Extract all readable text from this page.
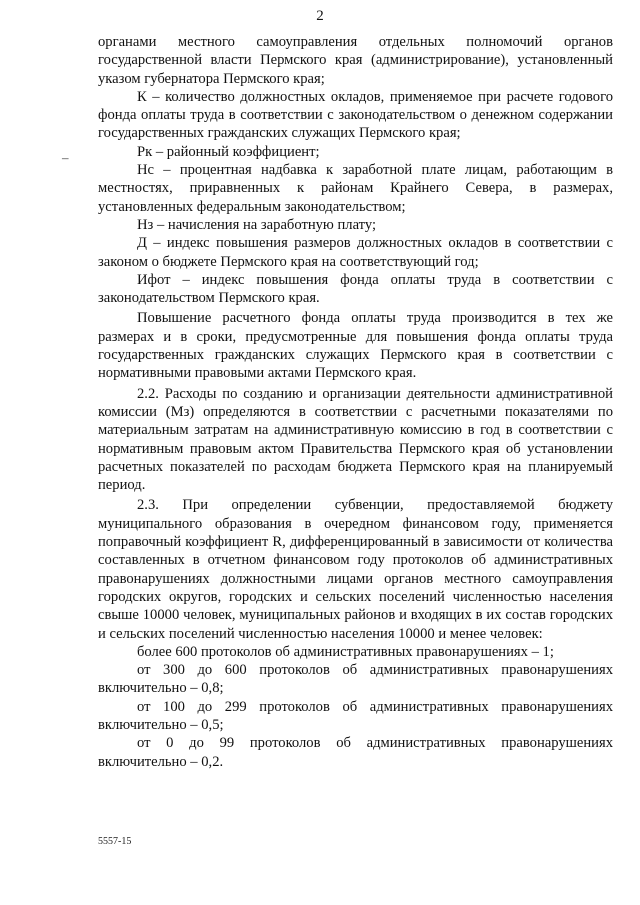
2
–

органами местного самоуправления отдельных полномочий органов государственной власти Пермского края (администрирование), установленный указом губернатора Пермского края;

К – количество должностных окладов, применяемое при расчете годового фонда оплаты труда в соответствии с законодательством о денежном содержании государственных гражданских служащих Пермского края;

Рк – районный коэффициент;

Нс – процентная надбавка к заработной плате лицам, работающим в местностях, приравненных к районам Крайнего Севера, в размерах, установленных федеральным законодательством;

Нз – начисления на заработную плату;

Д – индекс повышения размеров должностных окладов в соответствии с законом о бюджете Пермского края на соответствующий год;

Ифот – индекс повышения фонда оплаты труда в соответствии с законодательством Пермского края.

Повышение расчетного фонда оплаты труда производится в тех же размерах и в сроки, предусмотренные для повышения фонда оплаты труда государственных гражданских служащих Пермского края в соответствии с нормативными правовыми актами Пермского края.

2.2. Расходы по созданию и организации деятельности административной комиссии (Мз) определяются в соответствии с расчетными показателями по материальным затратам на административную комиссию в год в соответствии с нормативным правовым актом Правительства Пермского края об установлении расчетных показателей по расходам бюджета Пермского края на планируемый период.

2.3. При определении субвенции, предоставляемой бюджету муниципального образования в очередном финансовом году, применяется поправочный коэффициент R, дифференцированный в зависимости от количества составленных в отчетном финансовом году протоколов об административных правонарушениях должностными лицами органов местного самоуправления городских округов, городских и сельских поселений численностью населения свыше 10000 человек, муниципальных районов и входящих в их состав городских и сельских поселений численностью населения 10000 и менее человек:

более 600 протоколов об административных правонарушениях – 1;

от 300 до 600 протоколов об административных правонарушениях включительно – 0,8;

от 100 до 299 протоколов об административных правонарушениях включительно – 0,5;

от 0 до 99 протоколов об административных правонарушениях включительно – 0,2.

5557-15
